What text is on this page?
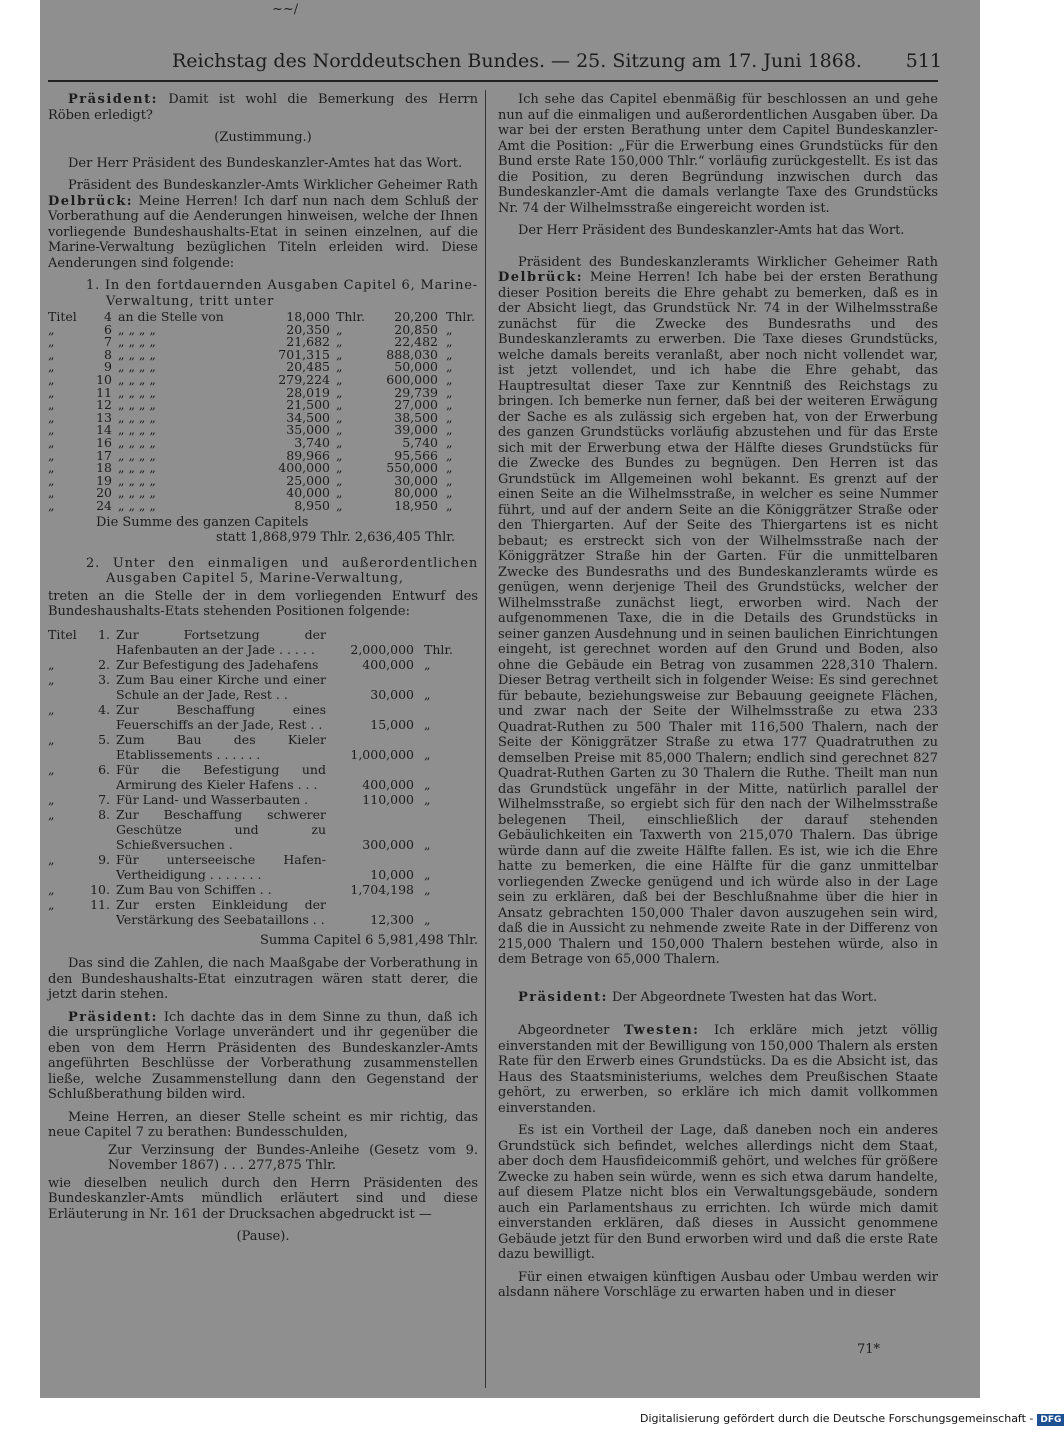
~~/
Reichstag des Norddeutschen Bundes. — 25. Sitzung am 17. Juni 1868. 511

Präsident: Damit ist wohl die Bemerkung des Herrn Röben erledigt?

(Zustimmung.)

Der Herr Präsident des Bundeskanzler-Amtes hat das Wort.

Präsident des Bundeskanzler-Amts Wirklicher Geheimer Rath Delbrück: Meine Herren! Ich darf nun nach dem Schluß der Vorberathung auf die Aenderungen hinweisen, welche der Ihnen vorliegende Bundeshaushalts-Etat in seinen einzelnen, auf die Marine-Verwaltung bezüglichen Titeln erleiden wird. Diese Aenderungen sind folgende:

1. In den fortdauernden Ausgaben Capitel 6, Marine-Verwaltung, tritt unter
Titel	4	an die Stelle von	18,000	Thlr.	20,200	Thlr.
„	6	„ „ „ „	20,350	„	20,850	„
„	7	„ „ „ „	21,682	„	22,482	„
„	8	„ „ „ „	701,315	„	888,030	„
„	9	„ „ „ „	20,485	„	50,000	„
„	10	„ „ „ „	279,224	„	600,000	„
„	11	„ „ „ „	28,019	„	29,739	„
„	12	„ „ „ „	21,500	„	27,000	„
„	13	„ „ „ „	34,500	„	38,500	„
„	14	„ „ „ „	35,000	„	39,000	„
„	16	„ „ „ „	3,740	„	5,740	„
„	17	„ „ „ „	89,966	„	95,566	„
„	18	„ „ „ „	400,000	„	550,000	„
„	19	„ „ „ „	25,000	„	30,000	„
„	20	„ „ „ „	40,000	„	80,000	„
„	24	„ „ „ „	8,950	„	18,950	„
Die Summe des ganzen Capitels
statt 1,868,979 Thlr. 2,636,405 Thlr.
2. Unter den einmaligen und außerordentlichen Ausgaben Capitel 5, Marine-Verwaltung,

treten an die Stelle der in dem vorliegenden Entwurf des Bundeshaushalts-Etats stehenden Positionen folgende:

Titel	1.	Zur Fortsetzung der Hafenbauten an der Jade . . . . .	2,000,000	Thlr.
„	2.	Zur Befestigung des Jadehafens	400,000	„
„	3.	Zum Bau einer Kirche und einer Schule an der Jade, Rest . .	30,000	„
„	4.	Zur Beschaffung eines Feuerschiffs an der Jade, Rest . .	15,000	„
„	5.	Zum Bau des Kieler Etablissements . . . . . .	1,000,000	„
„	6.	Für die Befestigung und Armirung des Kieler Hafens . . .	400,000	„
„	7.	Für Land- und Wasserbauten .	110,000	„
„	8.	Zur Beschaffung schwerer Geschütze und zu Schießversuchen .	300,000	„
„	9.	Für unterseeische Hafen-Vertheidigung . . . . . . .	10,000	„
„	10.	Zum Bau von Schiffen . .	1,704,198	„
„	11.	Zur ersten Einkleidung der Verstärkung des Seebataillons . .	12,300	„
Summa Capitel 6 5,981,498 Thlr.

Das sind die Zahlen, die nach Maaßgabe der Vorberathung in den Bundeshaushalts-Etat einzutragen wären statt derer, die jetzt darin stehen.

Präsident: Ich dachte das in dem Sinne zu thun, daß ich die ursprüngliche Vorlage unverändert und ihr gegenüber die eben von dem Herrn Präsidenten des Bundeskanzler-Amts angeführten Beschlüsse der Vorberathung zusammenstellen ließe, welche Zusammenstellung dann den Gegenstand der Schlußberathung bilden wird.

Meine Herren, an dieser Stelle scheint es mir richtig, das neue Capitel 7 zu berathen: Bundesschulden,

Zur Verzinsung der Bundes-Anleihe (Gesetz vom 9. November 1867) . . . 277,875 Thlr.

wie dieselben neulich durch den Herrn Präsidenten des Bundeskanzler-Amts mündlich erläutert sind und diese Erläuterung in Nr. 161 der Drucksachen abgedruckt ist —

(Pause).

Ich sehe das Capitel ebenmäßig für beschlossen an und gehe nun auf die einmaligen und außerordentlichen Ausgaben über. Da war bei der ersten Berathung unter dem Capitel Bundeskanzler-Amt die Position: „Für die Erwerbung eines Grundstücks für den Bund erste Rate 150,000 Thlr.“ vorläufig zurückgestellt. Es ist das die Position, zu deren Begründung inzwischen durch das Bundeskanzler-Amt die damals verlangte Taxe des Grundstücks Nr. 74 der Wilhelmsstraße eingereicht worden ist.

Der Herr Präsident des Bundeskanzler-Amts hat das Wort.

Präsident des Bundeskanzleramts Wirklicher Geheimer Rath Delbrück: Meine Herren! Ich habe bei der ersten Berathung dieser Position bereits die Ehre gehabt zu bemerken, daß es in der Absicht liegt, das Grundstück Nr. 74 in der Wilhelmsstraße zunächst für die Zwecke des Bundesraths und des Bundeskanzleramts zu erwerben. Die Taxe dieses Grundstücks, welche damals bereits veranlaßt, aber noch nicht vollendet war, ist jetzt vollendet, und ich habe die Ehre gehabt, das Hauptresultat dieser Taxe zur Kenntniß des Reichstags zu bringen. Ich bemerke nun ferner, daß bei der weiteren Erwägung der Sache es als zulässig sich ergeben hat, von der Erwerbung des ganzen Grundstücks vorläufig abzustehen und für das Erste sich mit der Erwerbung etwa der Hälfte dieses Grundstücks für die Zwecke des Bundes zu begnügen. Den Herren ist das Grundstück im Allgemeinen wohl bekannt. Es grenzt auf der einen Seite an die Wilhelmsstraße, in welcher es seine Nummer führt, und auf der andern Seite an die Königgrätzer Straße oder den Thiergarten. Auf der Seite des Thiergartens ist es nicht bebaut; es erstreckt sich von der Wilhelmsstraße nach der Königgrätzer Straße hin der Garten. Für die unmittelbaren Zwecke des Bundesraths und des Bundeskanzleramts würde es genügen, wenn derjenige Theil des Grundstücks, welcher der Wilhelmsstraße zunächst liegt, erworben wird. Nach der aufgenommenen Taxe, die in die Details des Grundstücks in seiner ganzen Ausdehnung und in seinen baulichen Einrichtungen eingeht, ist gerechnet worden auf den Grund und Boden, also ohne die Gebäude ein Betrag von zusammen 228,310 Thalern. Dieser Betrag vertheilt sich in folgender Weise: Es sind gerechnet für bebaute, beziehungsweise zur Bebauung geeignete Flächen, und zwar nach der Seite der Wilhelmsstraße zu etwa 233 Quadrat-Ruthen zu 500 Thaler mit 116,500 Thalern, nach der Seite der Königgrätzer Straße zu etwa 177 Quadratruthen zu demselben Preise mit 85,000 Thalern; endlich sind gerechnet 827 Quadrat-Ruthen Garten zu 30 Thalern die Ruthe. Theilt man nun das Grundstück ungefähr in der Mitte, natürlich parallel der Wilhelmsstraße, so ergiebt sich für den nach der Wilhelmsstraße belegenen Theil, einschließlich der darauf stehenden Gebäulichkeiten ein Taxwerth von 215,070 Thalern. Das übrige würde dann auf die zweite Hälfte fallen. Es ist, wie ich die Ehre hatte zu bemerken, die eine Hälfte für die ganz unmittelbar vorliegenden Zwecke genügend und ich würde also in der Lage sein zu erklären, daß bei der Beschlußnahme über die hier in Ansatz gebrachten 150,000 Thaler davon auszugehen sein wird, daß die in Aussicht zu nehmende zweite Rate in der Differenz von 215,000 Thalern und 150,000 Thalern bestehen würde, also in dem Betrage von 65,000 Thalern.

Präsident: Der Abgeordnete Twesten hat das Wort.

Abgeordneter Twesten: Ich erkläre mich jetzt völlig einverstanden mit der Bewilligung von 150,000 Thalern als ersten Rate für den Erwerb eines Grundstücks. Da es die Absicht ist, das Haus des Staatsministeriums, welches dem Preußischen Staate gehört, zu erwerben, so erkläre ich mich damit vollkommen einverstanden.

Es ist ein Vortheil der Lage, daß daneben noch ein anderes Grundstück sich befindet, welches allerdings nicht dem Staat, aber doch dem Hausfideicommiß gehört, und welches für größere Zwecke zu haben sein würde, wenn es sich etwa darum handelte, auf diesem Platze nicht blos ein Verwaltungsgebäude, sondern auch ein Parlamentshaus zu errichten. Ich würde mich damit einverstanden erklären, daß dieses in Aussicht genommene Gebäude jetzt für den Bund erworben wird und daß die erste Rate dazu bewilligt.

Für einen etwaigen künftigen Ausbau oder Umbau werden wir alsdann nähere Vorschläge zu erwarten haben und in dieser

71*
Digitalisierung gefördert durch die Deutsche Forschungsgemeinschaft - DFG
